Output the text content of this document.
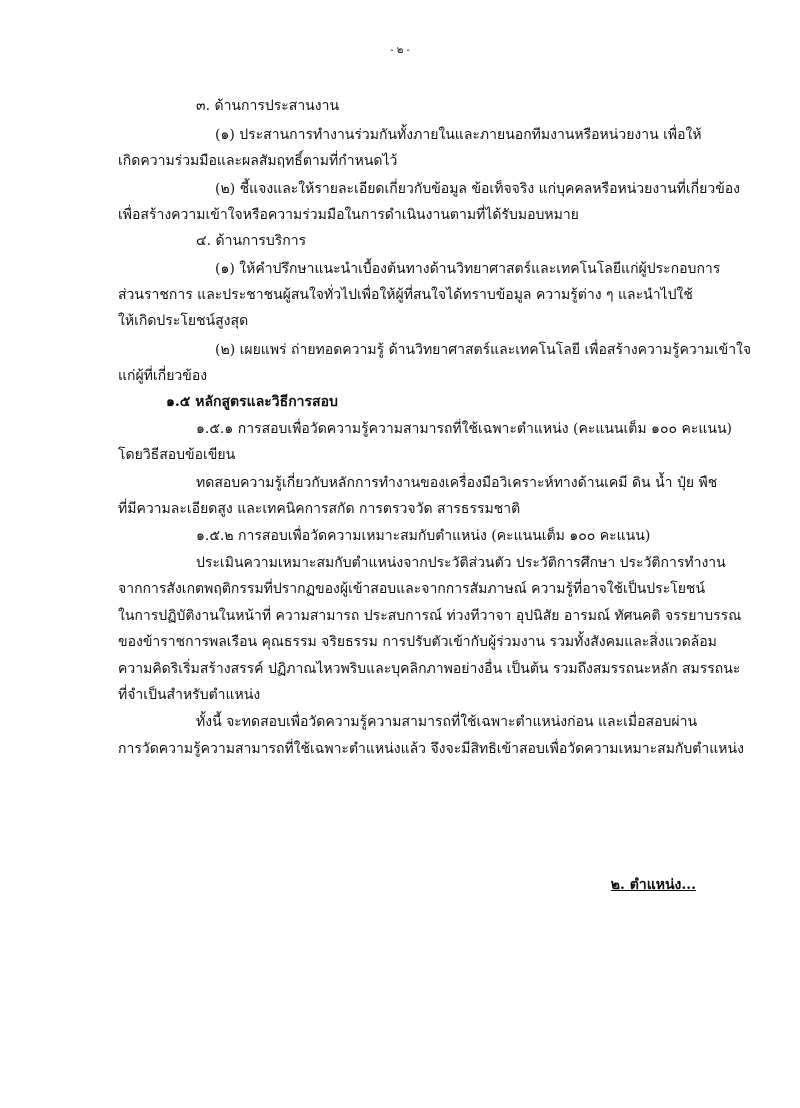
- ๒ -

๓. ด้านการประสานงาน

(๑) ประสานการทำงานร่วมกันทั้งภายในและภายนอกทีมงานหรือหน่วยงาน เพื่อให้

เกิดความร่วมมือและผลสัมฤทธิ์ตามที่กำหนดไว้

(๒) ชี้แจงและให้รายละเอียดเกี่ยวกับข้อมูล ข้อเท็จจริง แก่บุคคลหรือหน่วยงานที่เกี่ยวข้อง

เพื่อสร้างความเข้าใจหรือความร่วมมือในการดำเนินงานตามที่ได้รับมอบหมาย

๔. ด้านการบริการ

(๑) ให้คำปรึกษาแนะนำเบื้องต้นทางด้านวิทยาศาสตร์และเทคโนโลยีแก่ผู้ประกอบการ

ส่วนราชการ และประชาชนผู้สนใจทั่วไปเพื่อให้ผู้ที่สนใจได้ทราบข้อมูล ความรู้ต่าง ๆ และนำไปใช้

ให้เกิดประโยชน์สูงสุด

(๒) เผยแพร่ ถ่ายทอดความรู้ ด้านวิทยาศาสตร์และเทคโนโลยี เพื่อสร้างความรู้ความเข้าใจ

แก่ผู้ที่เกี่ยวข้อง

๑.๕ หลักสูตรและวิธีการสอบ

๑.๕.๑ การสอบเพื่อวัดความรู้ความสามารถที่ใช้เฉพาะตำแหน่ง (คะแนนเต็ม ๑๐๐ คะแนน)

โดยวิธีสอบข้อเขียน

ทดสอบความรู้เกี่ยวกับหลักการทำงานของเครื่องมือวิเคราะห์ทางด้านเคมี ดิน น้ำ ปุ๋ย พืช

ที่มีความละเอียดสูง และเทคนิคการสกัด การตรวจวัด สารธรรมชาติ

๑.๕.๒ การสอบเพื่อวัดความเหมาะสมกับตำแหน่ง (คะแนนเต็ม ๑๐๐ คะแนน)

ประเมินความเหมาะสมกับตำแหน่งจากประวัติส่วนตัว ประวัติการศึกษา ประวัติการทำงาน

จากการสังเกตพฤติกรรมที่ปรากฏของผู้เข้าสอบและจากการสัมภาษณ์ ความรู้ที่อาจใช้เป็นประโยชน์

ในการปฏิบัติงานในหน้าที่ ความสามารถ ประสบการณ์ ท่วงทีวาจา อุปนิสัย อารมณ์ ทัศนคติ จรรยาบรรณ

ของข้าราชการพลเรือน คุณธรรม จริยธรรม การปรับตัวเข้ากับผู้ร่วมงาน รวมทั้งสังคมและสิ่งแวดล้อม

ความคิดริเริ่มสร้างสรรค์ ปฏิภาณไหวพริบและบุคลิกภาพอย่างอื่น เป็นต้น รวมถึงสมรรถนะหลัก สมรรถนะ

ที่จำเป็นสำหรับตำแหน่ง

ทั้งนี้ จะทดสอบเพื่อวัดความรู้ความสามารถที่ใช้เฉพาะตำแหน่งก่อน และเมื่อสอบผ่าน

การวัดความรู้ความสามารถที่ใช้เฉพาะตำแหน่งแล้ว จึงจะมีสิทธิเข้าสอบเพื่อวัดความเหมาะสมกับตำแหน่ง

๒. ตำแหน่ง...
